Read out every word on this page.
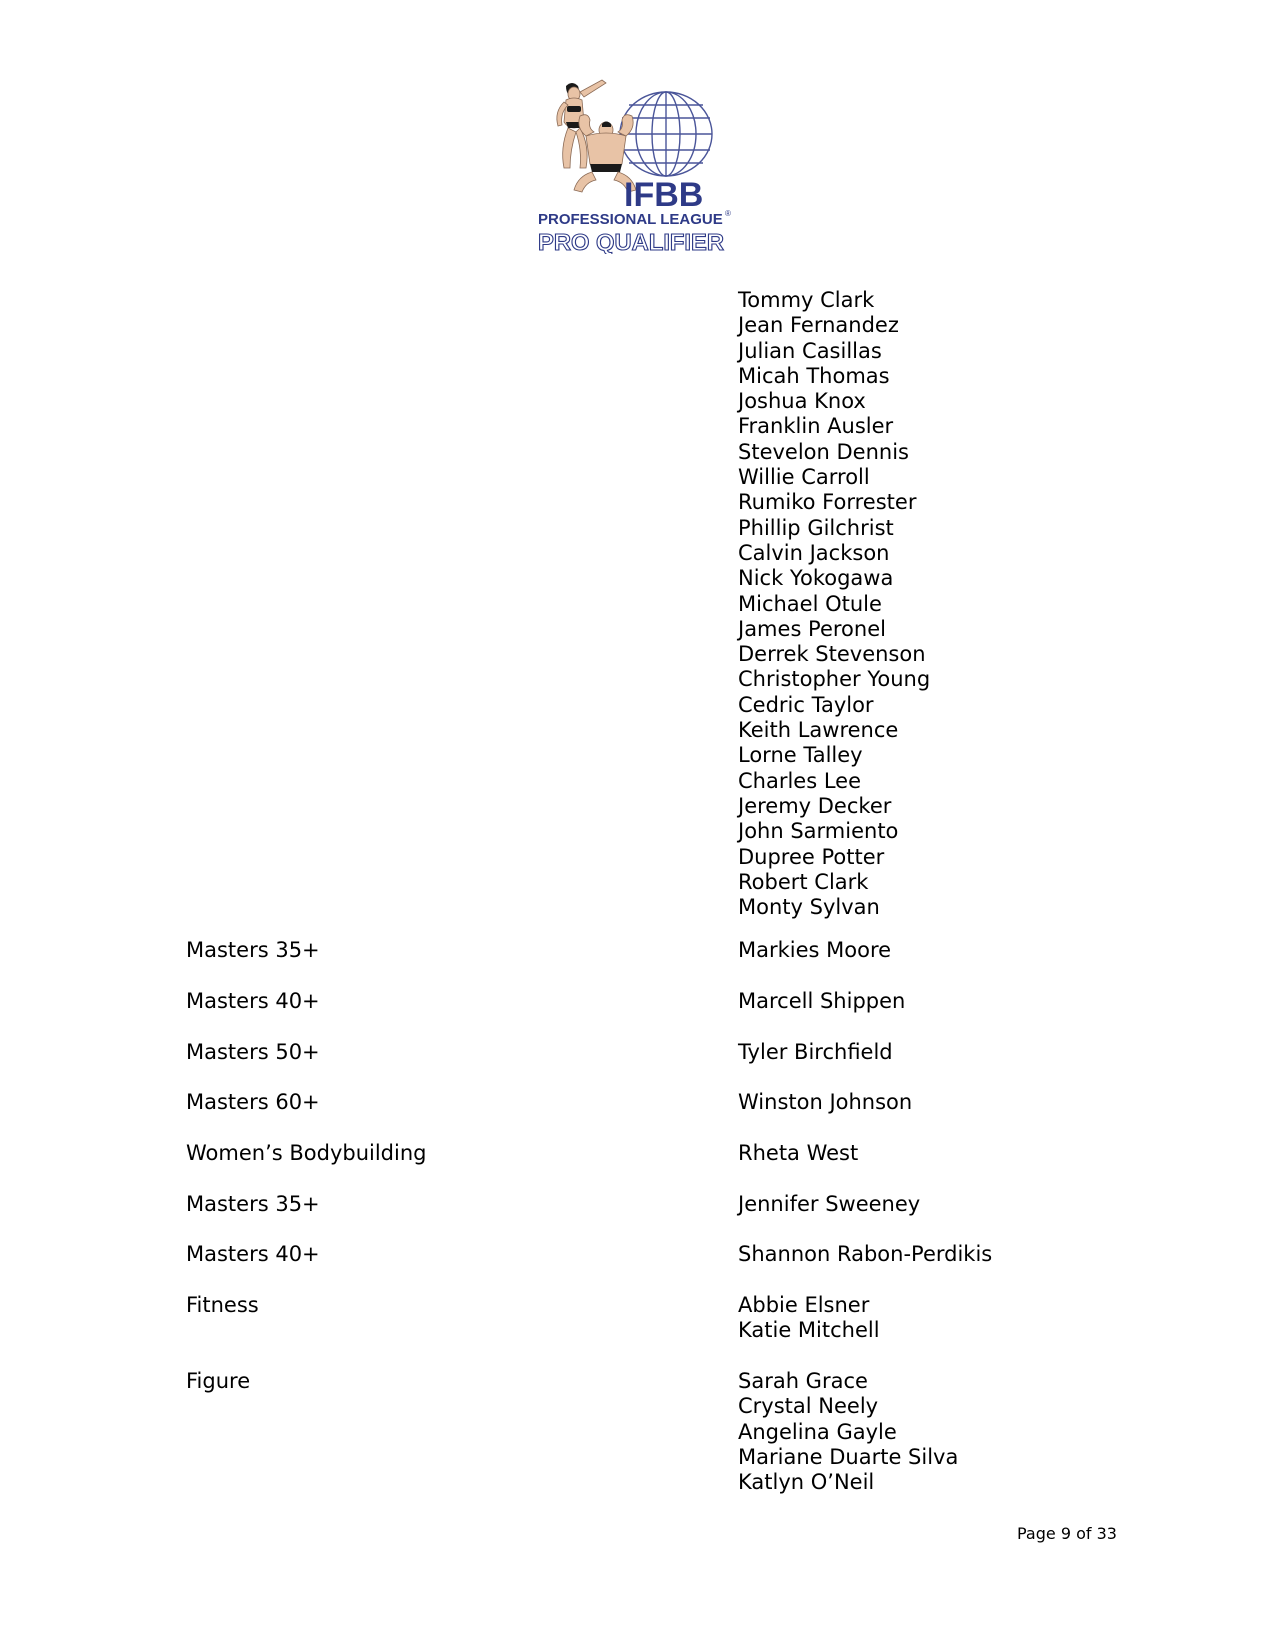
IFBB
PROFESSIONAL LEAGUE ®
PRO QUALIFIER
Tommy Clark
Jean Fernandez
Julian Casillas
Micah Thomas
Joshua Knox
Franklin Ausler
Stevelon Dennis
Willie Carroll
Rumiko Forrester
Phillip Gilchrist
Calvin Jackson
Nick Yokogawa
Michael Otule
James Peronel
Derrek Stevenson
Christopher Young
Cedric Taylor
Keith Lawrence
Lorne Talley
Charles Lee
Jeremy Decker
John Sarmiento
Dupree Potter
Robert Clark
Monty Sylvan
Masters 35+	Markies Moore
Masters 40+	Marcell Shippen
Masters 50+	Tyler Birchfield
Masters 60+	Winston Johnson
Women’s Bodybuilding	Rheta West
Masters 35+	Jennifer Sweeney
Masters 40+	Shannon Rabon-Perdikis
Fitness	Abbie Elsner
Katie Mitchell
Figure	Sarah Grace
Crystal Neely
Angelina Gayle
Mariane Duarte Silva
Katlyn O’Neil
Page 9 of 33
